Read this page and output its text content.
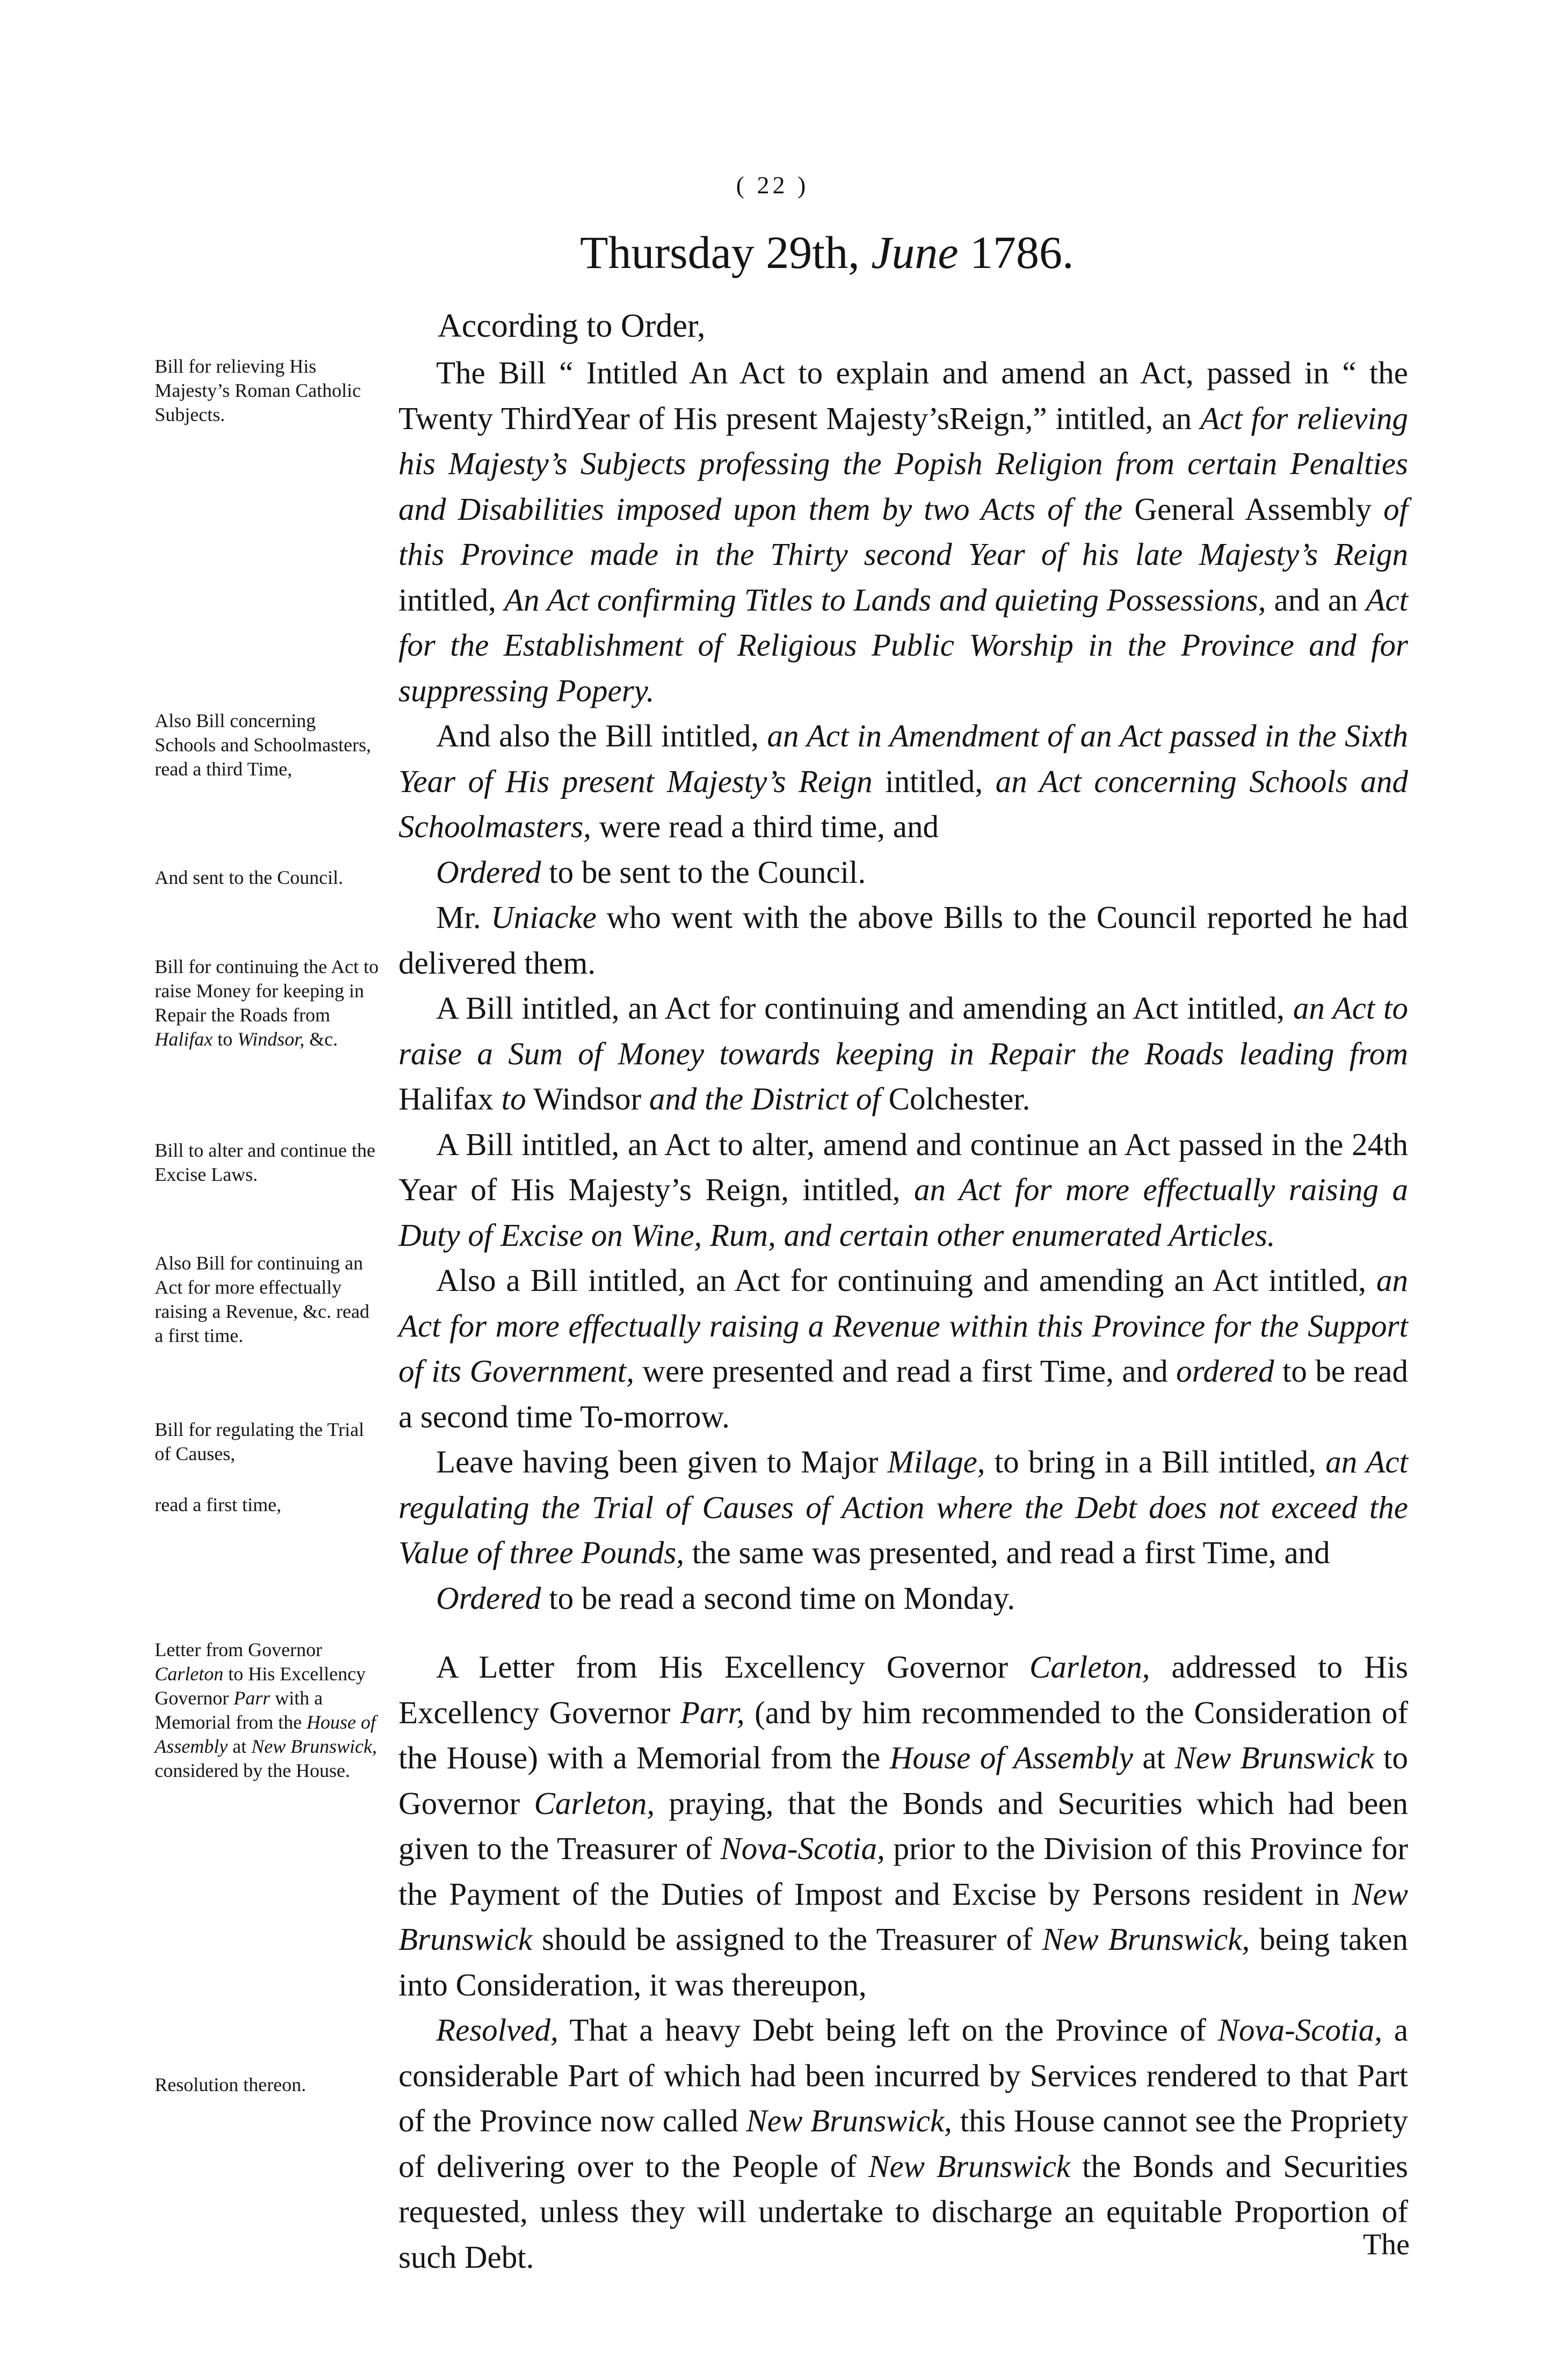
( 22 )
Thursday 29th, June 1786.
According to Order,

The Bill “ Intitled An Act to explain and amend an Act, passed in “ the Twenty ThirdYear of His present Majesty’sReign,” intitled, an Act for relieving his Majesty’s Subjects professing the Popish Religion from certain Penalties and Disabilities imposed upon them by two Acts of the General Assembly of this Province made in the Thirty second Year of his late Majesty’s Reign intitled, An Act confirming Titles to Lands and quieting Possessions, and an Act for the Establishment of Religious Public Worship in the Province and for suppressing Popery.

And also the Bill intitled, an Act in Amendment of an Act passed in the Sixth Year of His present Majesty’s Reign intitled, an Act concerning Schools and Schoolmasters, were read a third time, and

Ordered to be sent to the Council.

Mr. Uniacke who went with the above Bills to the Council reported he had delivered them.

A Bill intitled, an Act for continuing and amending an Act intitled, an Act to raise a Sum of Money towards keeping in Repair the Roads leading from Halifax to Windsor and the District of Colchester.

A Bill intitled, an Act to alter, amend and continue an Act passed in the 24th Year of His Majesty’s Reign, intitled, an Act for more effectually raising a Duty of Excise on Wine, Rum, and certain other enumerated Articles.

Also a Bill intitled, an Act for continuing and amending an Act intitled, an Act for more effectually raising a Revenue within this Province for the Support of its Government, were presented and read a first Time, and ordered to be read a second time To-morrow.

Leave having been given to Major Milage, to bring in a Bill intitled, an Act regulating the Trial of Causes of Action where the Debt does not exceed the Value of three Pounds, the same was presented, and read a first Time, and

Ordered to be read a second time on Monday.

A Letter from His Excellency Governor Carleton, addressed to His Excellency Governor Parr, (and by him recommended to the Consideration of the House) with a Memorial from the House of Assembly at New Brunswick to Governor Carleton, praying, that the Bonds and Securities which had been given to the Treasurer of Nova-Scotia, prior to the Division of this Province for the Payment of the Duties of Impost and Excise by Persons resident in New Brunswick should be assigned to the Treasurer of New Brunswick, being taken into Consideration, it was thereupon,

Resolved, That a heavy Debt being left on the Province of Nova-Scotia, a considerable Part of which had been incurred by Services rendered to that Part of the Province now called New Brunswick, this House cannot see the Propriety of delivering over to the People of New Brunswick the Bonds and Securities requested, unless they will undertake to discharge an equitable Proportion of such Debt.

Bill for relieving His Majesty’s Roman Catholic Subjects.
Also Bill concerning Schools and Schoolmasters, read a third Time,
And sent to the Council.
Bill for continuing the Act to raise Money for keeping in Repair the Roads from Halifax to Windsor, &c.
Bill to alter and continue the Excise Laws.
Also Bill for continuing an Act for more effectually raising a Revenue, &c. read a first time.
Bill for regulating the Trial of Causes,
read a first time,
Letter from Governor Carleton to His Excellency Governor Parr with a Memorial from the House of Assembly at New Brunswick, considered by the House.
Resolution thereon.
The
